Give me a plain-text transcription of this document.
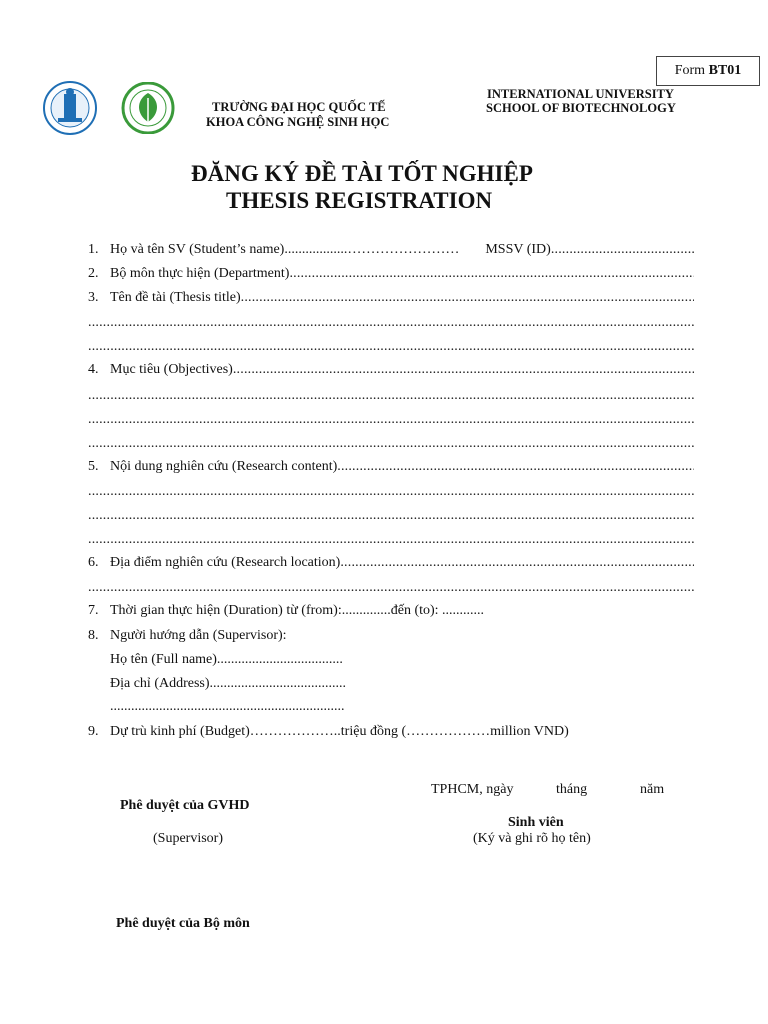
Form BT01
TRƯỜNG ĐẠI HỌC QUỐC TẾ
KHOA CÔNG NGHỆ SINH HỌC
INTERNATIONAL UNIVERSITY
SCHOOL OF BIOTECHNOLOGY
ĐĂNG KÝ ĐỀ TÀI TỐT NGHIỆP
THESIS REGISTRATION
1. Họ và tên SV (Student’s name) ..................…………………… MSSV (ID)
.....
2. Bộ môn thực hiện (Department)
.....
3. Tên đề tài (Thesis title)
.....
.....
.....
4. Mục tiêu (Objectives)
.....
.....
.....
.....
5. Nội dung nghiên cứu (Research content)
.....
.....
.....
.....
6. Địa điểm nghiên cứu (Research location)
.....
.....
7. Thời gian thực hiện (Duration) từ (from):..............đến (to): ............
8. Người hướng dẫn (Supervisor):
Họ tên (Full name)....................................
Địa chỉ (Address).......................................
...................................................................
9. Dự trù kinh phí (Budget)………………..triệu đồng (………………million VND)
TPHCM, ngày	tháng	năm
Phê duyệt của GVHD
(Supervisor)
Sinh viên
(Ký và ghi rõ họ tên)
Phê duyệt của Bộ môn
